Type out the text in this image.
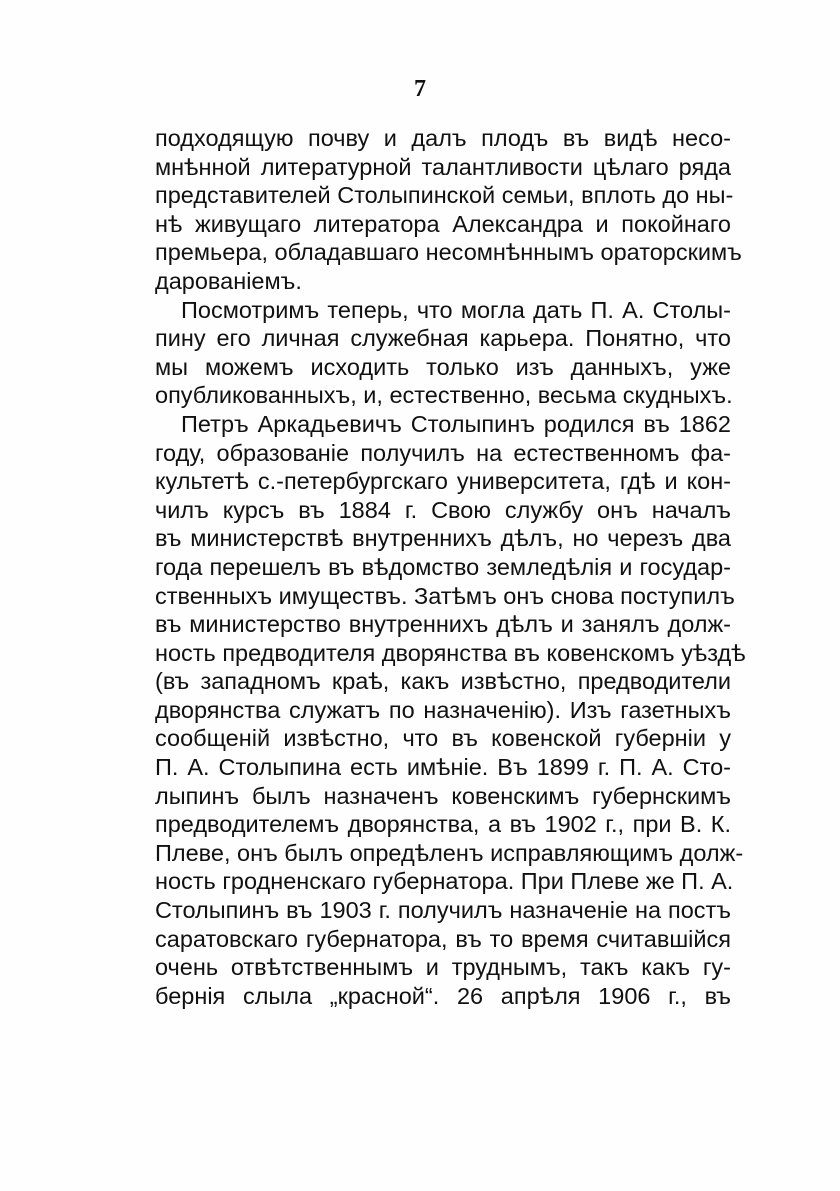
7
подходящую почву и далъ плодъ въ видѣ несо-
мнѣнной литературной талантливости цѣлаго ряда
представителей Столыпинской семьи, вплоть до ны-
нѣ живущаго литератора Александра и покойнаго
премьера, обладавшаго несомнѣннымъ ораторскимъ
дарованіемъ.
Посмотримъ теперь, что могла дать П. А. Столы-
пину его личная служебная карьера. Понятно, что
мы можемъ исходить только изъ данныхъ, уже
опубликованныхъ, и, естественно, весьма скудныхъ.
Петръ Аркадьевичъ Столыпинъ родился въ 1862
году, образованіе получилъ на естественномъ фа-
культетѣ с.-петербургскаго университета, гдѣ и кон-
чилъ курсъ въ 1884 г. Свою службу онъ началъ
въ министерствѣ внутреннихъ дѣлъ, но черезъ два
года перешелъ въ вѣдомство земледѣлія и государ-
ственныхъ имуществъ. Затѣмъ онъ снова поступилъ
въ министерство внутреннихъ дѣлъ и занялъ долж-
ность предводителя дворянства въ ковенскомъ уѣздѣ
(въ западномъ краѣ, какъ извѣстно, предводители
дворянства служатъ по назначенію). Изъ газетныхъ
сообщеній извѣстно, что въ ковенской губерніи у
П. А. Столыпина есть имѣніе. Въ 1899 г. П. А. Сто-
лыпинъ былъ назначенъ ковенскимъ губернскимъ
предводителемъ дворянства, а въ 1902 г., при В. К.
Плеве, онъ былъ опредѣленъ исправляющимъ долж-
ность гродненскаго губернатора. При Плеве же П. А.
Столыпинъ въ 1903 г. получилъ назначеніе на постъ
саратовскаго губернатора, въ то время считавшійся
очень отвѣтственнымъ и труднымъ, такъ какъ гу-
бернія слыла „красной“. 26 апрѣля 1906 г., въ
